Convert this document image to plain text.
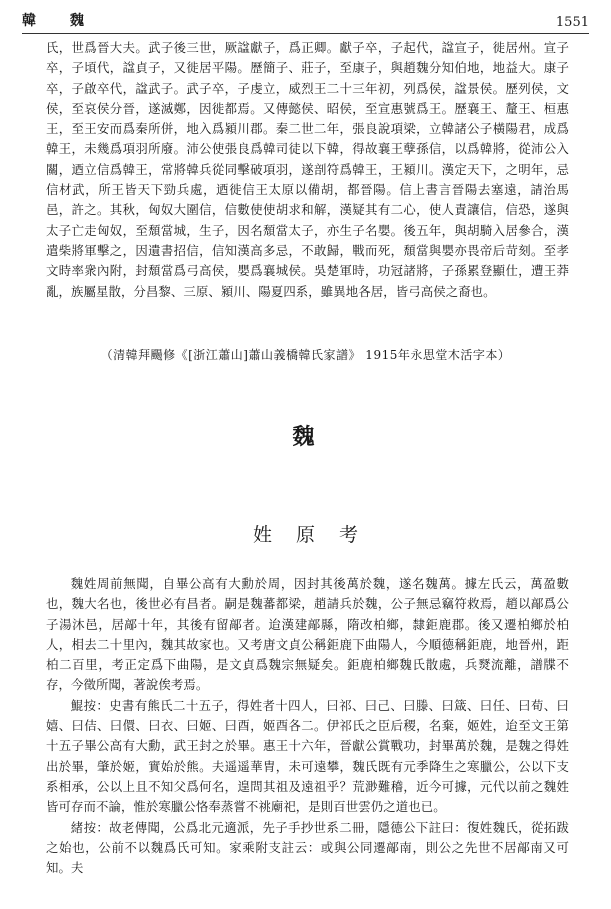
韓　魏	1551

氏，世爲晉大夫。武子後三世，厥諡獻子，爲正卿。獻子卒，子起代，諡宣子，徙居州。宣子卒，子頃代，諡貞子，又徙居平陽。歷簡子、莊子，至康子，與趙魏分知伯地，地益大。康子卒，子啟卒代，諡武子。武子卒，子虔立，威烈王二十三年初，列爲侯，諡景侯。歷列侯，文侯，至哀侯分晉，遂滅鄭，因徙都焉。又傳懿侯、昭侯，至宣惠號爲王。歷襄王、釐王、桓惠王，至王安而爲秦所併，地入爲潁川郡。秦二世二年，張良說項梁，立韓諸公子橫陽君，成爲韓王，未幾爲項羽所廢。沛公使張良爲韓司徒以下韓，得故襄王孽孫信，以爲韓將，從沛公入關，迺立信爲韓王，常將韓兵從同擊破項羽，遂剖符爲韓王，王潁川。漢定天下，之明年，忌信材武，所王皆天下勁兵處，迺徙信王太原以備胡，都晉陽。信上書言晉陽去塞遠，請治馬邑，許之。其秋，匈奴大圍信，信數使使胡求和解，漢疑其有二心，使人責讓信，信恐，遂與太子亡走匈奴，至頹當城，生子，因名頹當太子，亦生子名嬰。後五年，與胡騎入居參合，漢遣柴將軍擊之，因遺書招信，信知漢高多忌，不敢歸，戰而死，頹當與嬰亦畏帝后苛刻。至孝文時率衆內附，封頹當爲弓高侯，嬰爲襄城侯。吳楚軍時，功冠諸將，子孫累登顯仕，遭王莽亂，族屬星散，分昌黎、三原、潁川、陽夏四系，雖異地各居，皆弓高侯之裔也。

（清韓拜颺修《[浙江蕭山]蕭山義橋韓氏家譜》 1915年永思堂木活字本）
魏
姓原考

魏姓周前無聞，自畢公高有大勳於周，因封其後萬於魏，遂名魏萬。據左氏云，萬盈數也，魏大名也，後世必有昌者。嗣是魏蕃都梁，趙請兵於魏，公子無忌竊符救焉，趙以鄗爲公子湯沐邑，居鄗十年，其後有留鄗者。迨漢建鄗縣，隋改柏鄉，隸鉅鹿郡。後又遷柏鄉於柏人，相去二十里內，魏其故家也。又考唐文貞公稱鉅鹿下曲陽人，今順德稱鉅鹿，地晉州，距柏二百里，考正定爲下曲陽，是文貞爲魏宗無疑矣。鉅鹿柏鄉魏氏散處，兵燹流離，譜牒不存，今徵所聞，著說俟考焉。

鯤按：史書有熊氏二十五子，得姓者十四人，曰祁、曰己、曰滕、曰箴、曰任、曰荀、曰嬉、曰佶、曰儇、曰衣、曰姬、曰酉，姬酉各二。伊祁氏之臣后稷，名棄，姬姓，迨至文王第十五子畢公高有大勳，武王封之於畢。惠王十六年，晉獻公賞戰功，封畢萬於魏，是魏之得姓出於畢，肇於姬，實始於熊。夫遥遥華胄，未可遠攀，魏氏既有元季降生之寒臘公，公以下支系相承，公以上且不知父爲何名，遑問其祖及遠祖乎？荒渺難稽，近今可據，元代以前之魏姓皆可存而不論，惟於寒臘公恪奉蒸嘗不祧廟祀，是則百世雲仍之道也已。

緒按：故老傳聞，公爲北元適派，先子手抄世系二冊，隱德公下註曰：復姓魏氏，從拓跋之始也，公前不以魏爲氏可知。家乘附支註云：或與公同遷鄗南，則公之先世不居鄗南又可知。夫
